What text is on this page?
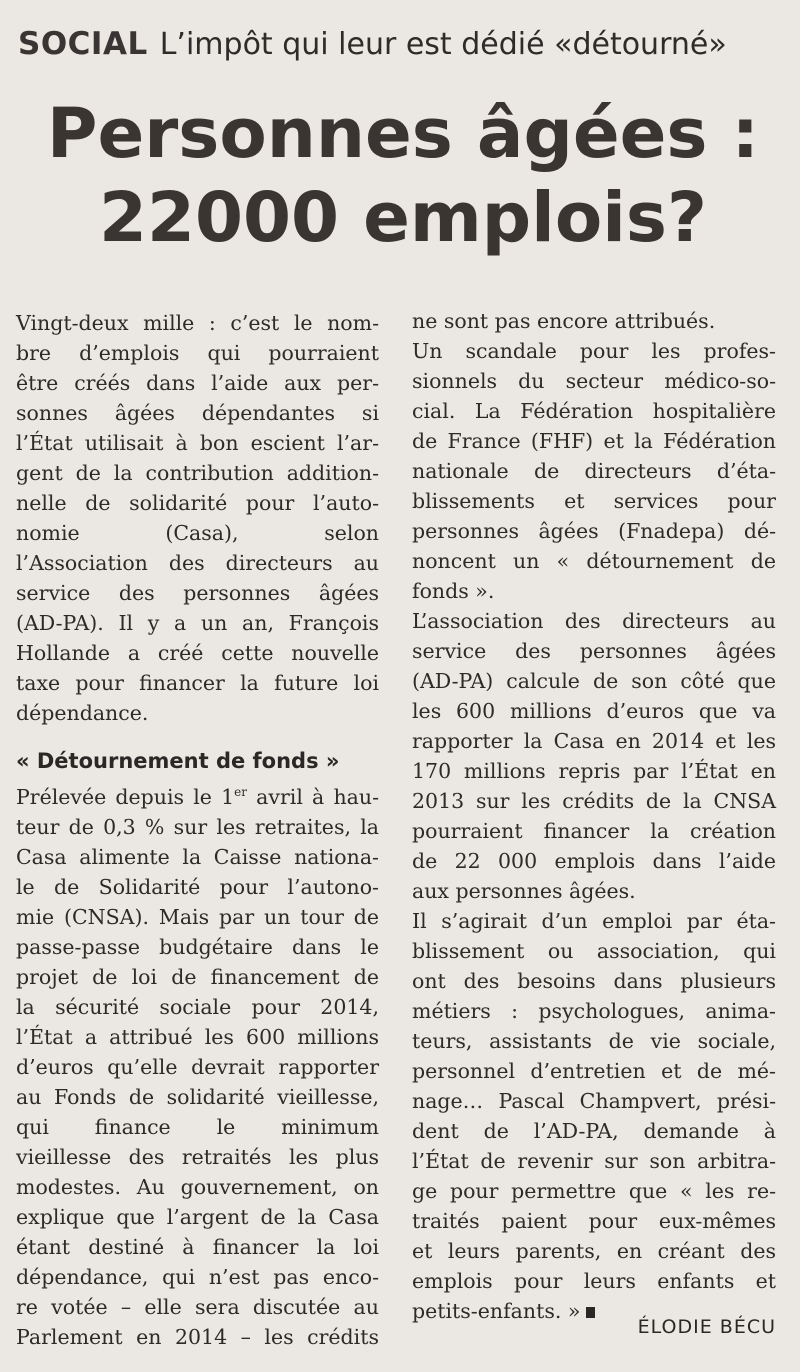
SOCIAL L’impôt qui leur est dédié «détourné»
Personnes âgées :
22000 emplois?

Vingt-deux mille : c’est le nom-
bre d’emplois qui pourraient
être créés dans l’aide aux per-
sonnes âgées dépendantes si
l’État utilisait à bon escient l’ar-
gent de la contribution addition-
nelle de solidarité pour l’auto-
nomie (Casa), selon
l’Association des directeurs au
service des personnes âgées
(AD-PA). Il y a un an, François
Hollande a créé cette nouvelle
taxe pour financer la future loi
dépendance.

« Détournement de fonds »

Prélevée depuis le 1er avril à hau-
teur de 0,3 % sur les retraites, la
Casa alimente la Caisse nationa-
le de Solidarité pour l’autono-
mie (CNSA). Mais par un tour de
passe-passe budgétaire dans le
projet de loi de financement de
la sécurité sociale pour 2014,
l’État a attribué les 600 millions
d’euros qu’elle devrait rapporter
au Fonds de solidarité vieillesse,
qui finance le minimum
vieillesse des retraités les plus
modestes. Au gouvernement, on
explique que l’argent de la Casa
étant destiné à financer la loi
dépendance, qui n’est pas enco-
re votée – elle sera discutée au
Parlement en 2014 – les crédits

ne sont pas encore attribués.

Un scandale pour les profes-
sionnels du secteur médico-so-
cial. La Fédération hospitalière
de France (FHF) et la Fédération
nationale de directeurs d’éta-
blissements et services pour
personnes âgées (Fnadepa) dé-
noncent un « détournement de
fonds ».

L’association des directeurs au
service des personnes âgées
(AD-PA) calcule de son côté que
les 600 millions d’euros que va
rapporter la Casa en 2014 et les
170 millions repris par l’État en
2013 sur les crédits de la CNSA
pourraient financer la création
de 22 000 emplois dans l’aide
aux personnes âgées.

Il s’agirait d’un emploi par éta-
blissement ou association, qui
ont des besoins dans plusieurs
métiers : psychologues, anima-
teurs, assistants de vie sociale,
personnel d’entretien et de mé-
nage… Pascal Champvert, prési-
dent de l’AD-PA, demande à
l’État de revenir sur son arbitra-
ge pour permettre que « les re-
traités paient pour eux-mêmes
et leurs parents, en créant des
emplois pour leurs enfants et
petits-enfants. »

ÉLODIE BÉCU
